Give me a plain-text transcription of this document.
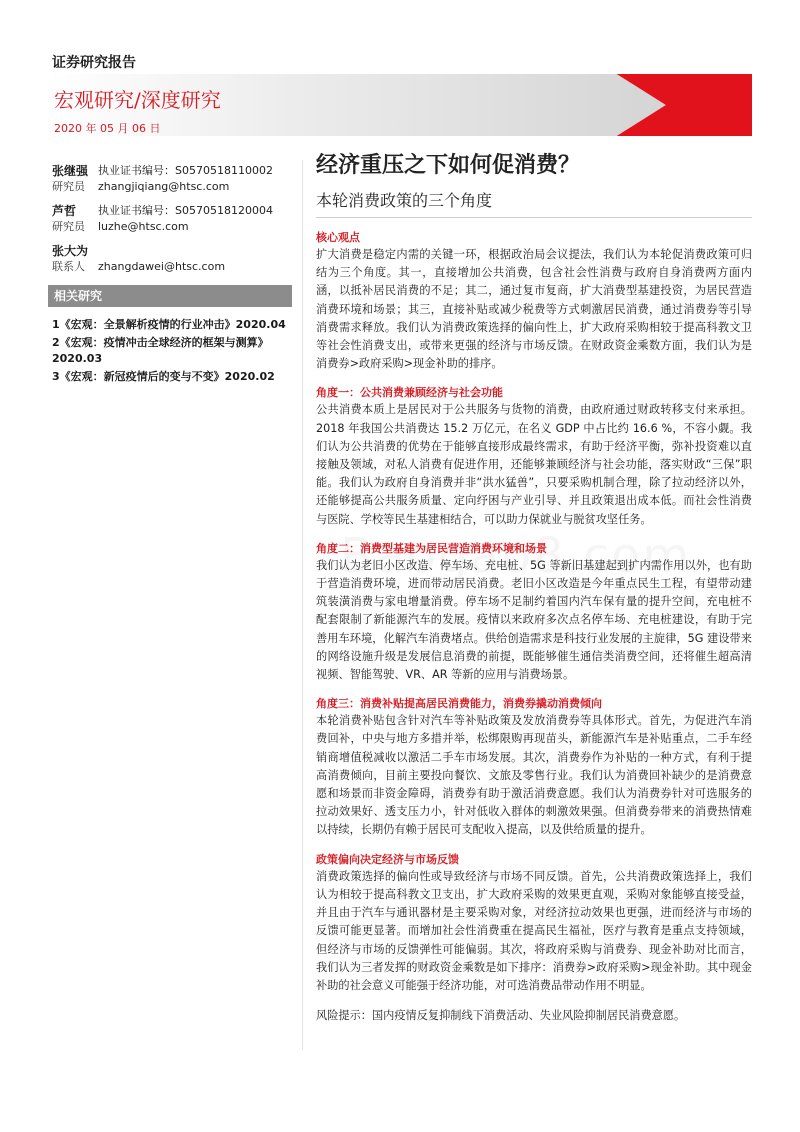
证券研究报告
宏观研究/深度研究
2020 年 05 月 06 日
张继强 执业证书编号：S0570518110002
研究员	zhangjiqiang@htsc.com
芦哲	执业证书编号：S0570518120004
研究员	luzhe@htsc.com
张大为
联系人	zhangdawei@htsc.com
相关研究
1《宏观：全景解析疫情的行业冲击》2020.04
2《宏观：疫情冲击全球经济的框架与测算》2020.03
3《宏观：新冠疫情后的变与不变》2020.02
经济重压之下如何促消费？
本轮消费政策的三个角度
核心观点
扩大消费是稳定内需的关键一环，根据政治局会议提法，我们认为本轮促消费政策可归结为三个角度。其一，直接增加公共消费，包含社会性消费与政府自身消费两方面内涵，以抵补居民消费的不足；其二，通过复市复商，扩大消费型基建投资，为居民营造消费环境和场景；其三，直接补贴或减少税费等方式刺激居民消费，通过消费券等引导消费需求释放。我们认为消费政策选择的偏向性上，扩大政府采购相较于提高科教文卫等社会性消费支出，或带来更强的经济与市场反馈。在财政资金乘数方面，我们认为是消费券>政府采购>现金补助的排序。
角度一：公共消费兼顾经济与社会功能
公共消费本质上是居民对于公共服务与货物的消费，由政府通过财政转移支付来承担。2018 年我国公共消费达 15.2 万亿元，在名义 GDP 中占比约 16.6 %，不容小觑。我们认为公共消费的优势在于能够直接形成最终需求，有助于经济平衡，弥补投资难以直接触及领域，对私人消费有促进作用，还能够兼顾经济与社会功能，落实财政“三保”职能。我们认为政府自身消费并非“洪水猛兽”，只要采购机制合理，除了拉动经济以外，还能够提高公共服务质量、定向纾困与产业引导、并且政策退出成本低。而社会性消费与医院、学校等民生基建相结合，可以助力保就业与脱贫攻坚任务。
角度二：消费型基建为居民营造消费环境和场景
我们认为老旧小区改造、停车场、充电桩、5G 等新旧基建起到扩内需作用以外，也有助于营造消费环境，进而带动居民消费。老旧小区改造是今年重点民生工程，有望带动建筑装潢消费与家电增量消费。停车场不足制约着国内汽车保有量的提升空间，充电桩不配套限制了新能源汽车的发展。疫情以来政府多次点名停车场、充电桩建设，有助于完善用车环境，化解汽车消费堵点。供给创造需求是科技行业发展的主旋律，5G 建设带来的网络设施升级是发展信息消费的前提，既能够催生通信类消费空间，还将催生超高清视频、智能驾驶、VR、AR 等新的应用与消费场景。
角度三：消费补贴提高居民消费能力，消费券撬动消费倾向
本轮消费补贴包含针对汽车等补贴政策及发放消费券等具体形式。首先，为促进汽车消费回补，中央与地方多措并举，松绑限购再现苗头，新能源汽车是补贴重点，二手车经销商增值税减收以激活二手车市场发展。其次，消费券作为补贴的一种方式，有利于提高消费倾向，目前主要投向餐饮、文旅及零售行业。我们认为消费回补缺少的是消费意愿和场景而非资金障碍，消费券有助于激活消费意愿。我们认为消费券针对可选服务的拉动效果好、透支压力小，针对低收入群体的刺激效果强。但消费券带来的消费热情难以持续，长期仍有赖于居民可支配收入提高，以及供给质量的提升。
政策偏向决定经济与市场反馈
消费政策选择的偏向性或导致经济与市场不同反馈。首先，公共消费政策选择上，我们认为相较于提高科教文卫支出，扩大政府采购的效果更直观，采购对象能够直接受益，并且由于汽车与通讯器材是主要采购对象，对经济拉动效果也更强，进而经济与市场的反馈可能更显著。而增加社会性消费重在提高民生福祉，医疗与教育是重点支持领域，但经济与市场的反馈弹性可能偏弱。其次，将政府采购与消费券、现金补助对比而言，我们认为三者发挥的财政资金乘数是如下排序：消费券>政府采购>现金补助。其中现金补助的社会意义可能强于经济功能，对可选消费品带动作用不明显。
风险提示：国内疫情反复抑制线下消费活动、失业风险抑制居民消费意愿。
